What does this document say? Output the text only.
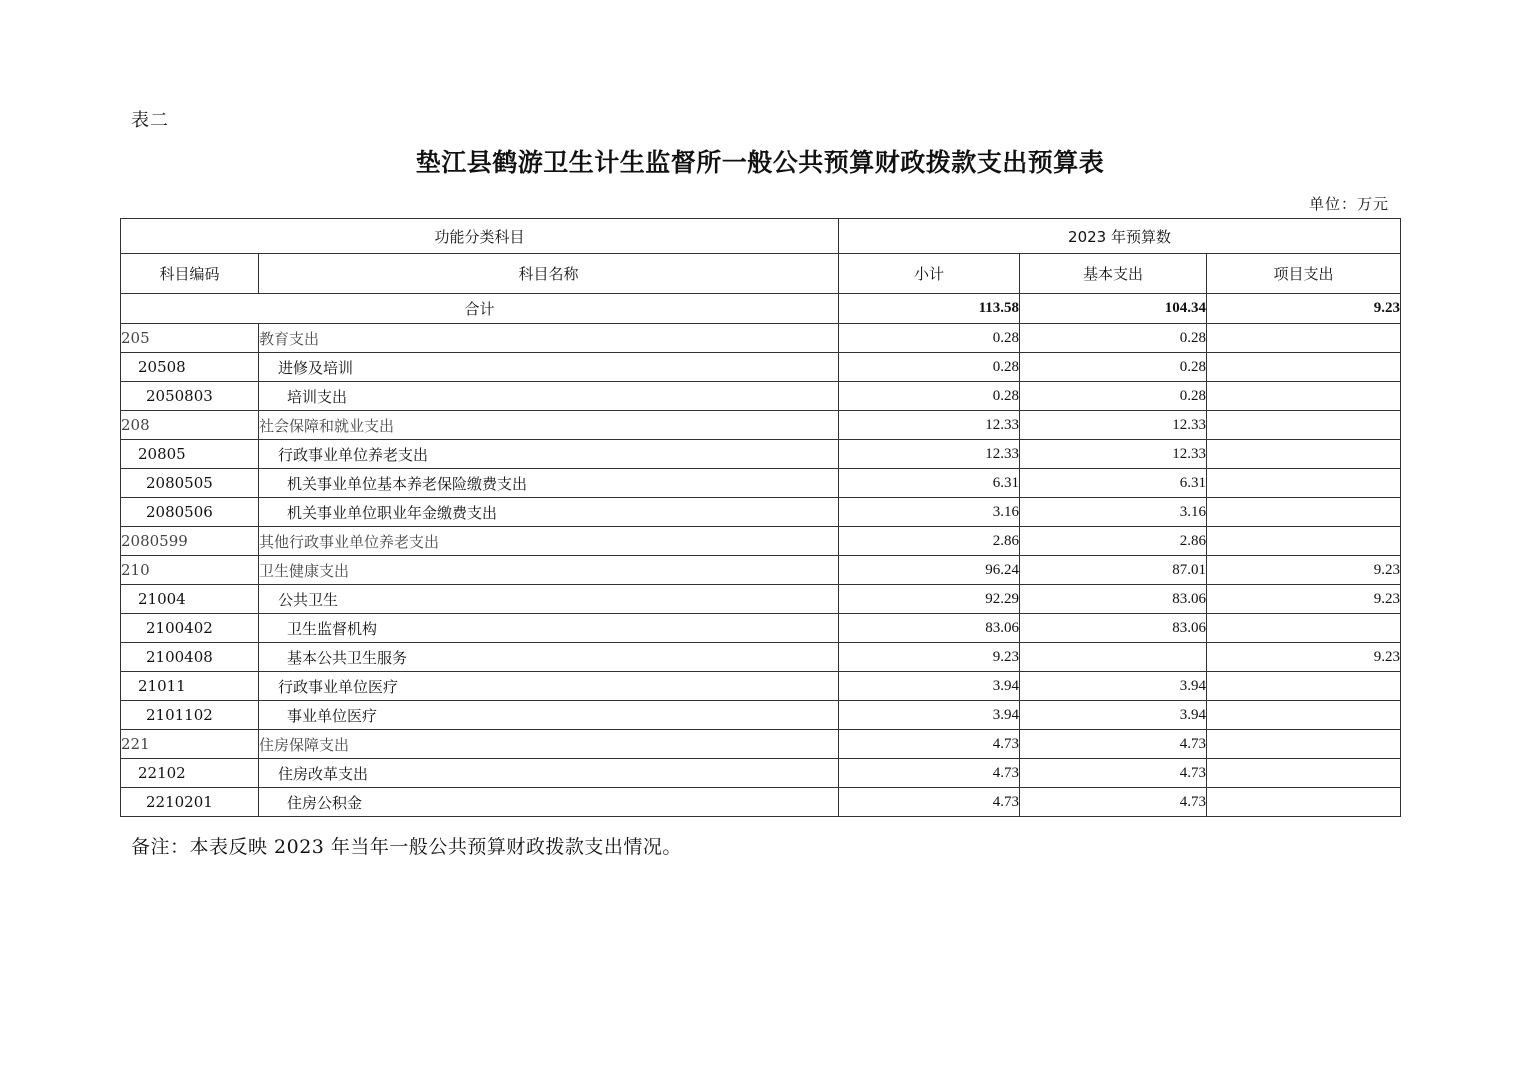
表二
垫江县鹤游卫生计生监督所一般公共预算财政拨款支出预算表
单位：万元
功能分类科目		2023 年预算数		
科目编码	科目名称	小计	基本支出	项目支出
合计		113.58	104.34	9.23
205	教育支出	0.28	0.28	
20508	进修及培训	0.28	0.28	
2050803	培训支出	0.28	0.28	
208	社会保障和就业支出	12.33	12.33	
20805	行政事业单位养老支出	12.33	12.33	
2080505	机关事业单位基本养老保险缴费支出	6.31	6.31	
2080506	机关事业单位职业年金缴费支出	3.16	3.16	
2080599	其他行政事业单位养老支出	2.86	2.86	
210	卫生健康支出	96.24	87.01	9.23
21004	公共卫生	92.29	83.06	9.23
2100402	卫生监督机构	83.06	83.06	
2100408	基本公共卫生服务	9.23		9.23
21011	行政事业单位医疗	3.94	3.94	
2101102	事业单位医疗	3.94	3.94	
221	住房保障支出	4.73	4.73	
22102	住房改革支出	4.73	4.73	
2210201	住房公积金	4.73	4.73	
备注：本表反映 2023 年当年一般公共预算财政拨款支出情况。
